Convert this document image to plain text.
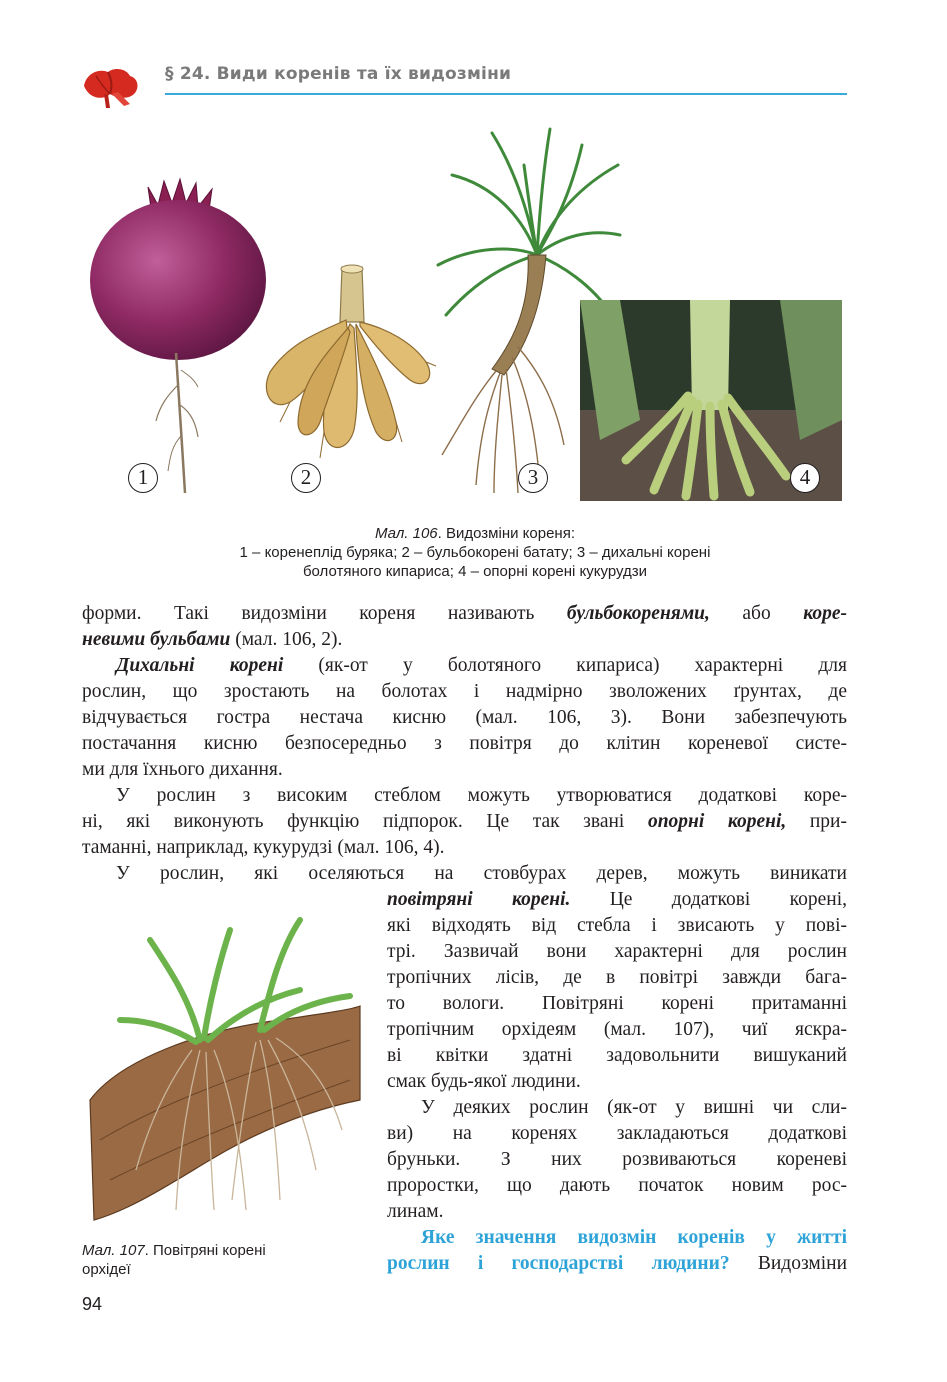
§ 24. Види коренів та їх видозміни
1	2	3	4
Мал. 106. Видозміни кореня:
1 – коренеплід буряка; 2 – бульбокорені батату; 3 – дихальні корені
болотяного кипариса; 4 – опорні корені кукурудзи
форми. Такі видозміни кореня називають бульбокоренями, або коре-
невими бульбами (мал. 106, 2).
Дихальні корені (як-от у болотяного кипариса) характерні для
рослин, що зростають на болотах і надмірно зволожених ґрунтах, де
відчувається гостра нестача кисню (мал. 106, 3). Вони забезпечують
постачання кисню безпосередньо з повітря до клітин кореневої систе-
ми для їхнього дихання.
У рослин з високим стеблом можуть утворюватися додаткові коре-
ні, які виконують функцію підпорок. Це так звані опорні корені, при-
таманні, наприклад, кукурудзі (мал. 106, 4).
У рослин, які оселяються на стовбурах дерев, можуть виникати
повітряні корені. Це додаткові корені,
які відходять від стебла і звисають у пові-
трі. Зазвичай вони характерні для рослин
тропічних лісів, де в повітрі завжди бага-
то вологи. Повітряні корені притаманні
тропічним орхідеям (мал. 107), чиї яскра-
ві квітки здатні задовольнити вишуканий
смак будь-якої людини.
У деяких рослин (як-от у вишні чи сли-
ви) на коренях закладаються додаткові
бруньки. З них розвиваються кореневі
проростки, що дають початок новим рос-
линам.
Яке значення видозмін коренів у житті
рослин і господарстві людини? Видозміни
Мал. 107. Повітряні корені
орхідеї
94
